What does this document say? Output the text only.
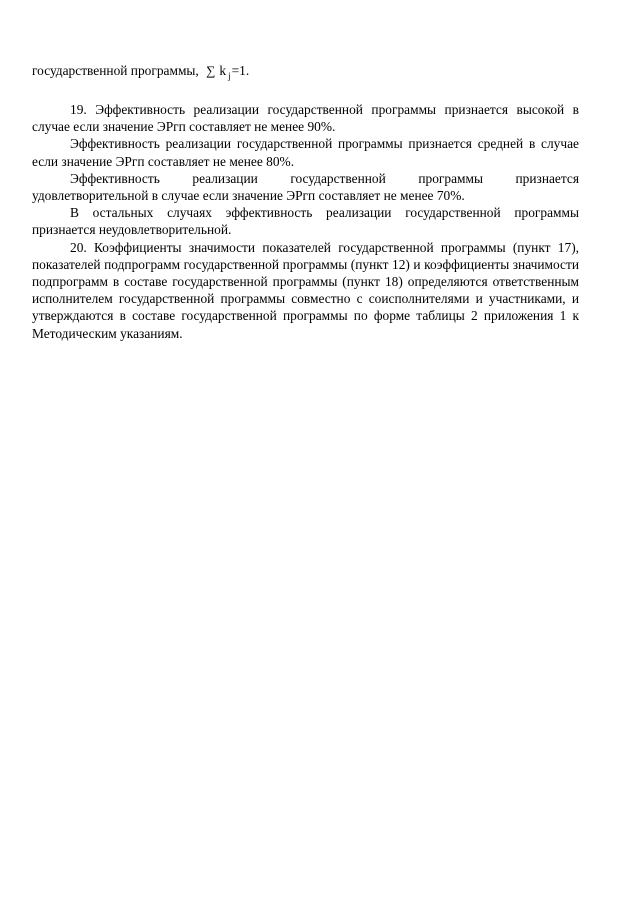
государственной программы, ∑ k $_j$=1.

19. Эффективность реализации государственной программы признается высокой в случае если значение ЭРгп составляет не менее 90%.

Эффективность реализации государственной программы признается средней в случае если значение ЭРгп составляет не менее 80%.

Эффективность реализации государственной программы признается удовлетворительной в случае если значение ЭРгп составляет не менее 70%.

В остальных случаях эффективность реализации государственной программы признается неудовлетворительной.

20. Коэффициенты значимости показателей государственной программы (пункт 17), показателей подпрограмм государственной программы (пункт 12) и коэффициенты значимости подпрограмм в составе государственной программы (пункт 18) определяются ответственным исполнителем государственной программы совместно с соисполнителями и участниками, и утверждаются в составе государственной программы по форме таблицы 2 приложения 1 к Методическим указаниям.
